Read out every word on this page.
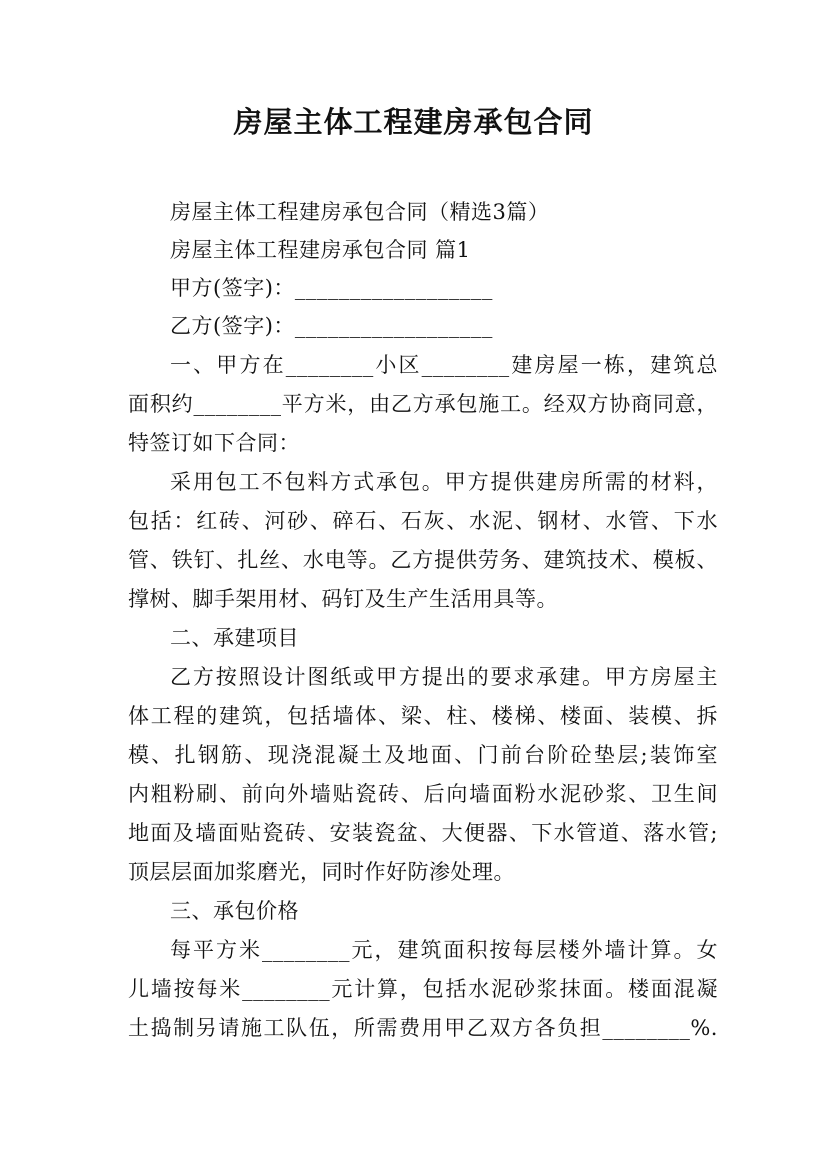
房屋主体工程建房承包合同
房屋主体工程建房承包合同（精选3篇）
房屋主体工程建房承包合同 篇1
甲方(签字)：__________________
乙方(签字)：__________________
一、甲方在________小区________建房屋一栋，建筑总
面积约________平方米，由乙方承包施工。经双方协商同意，
特签订如下合同：
采用包工不包料方式承包。甲方提供建房所需的材料，
包括：红砖、河砂、碎石、石灰、水泥、钢材、水管、下水
管、铁钉、扎丝、水电等。乙方提供劳务、建筑技术、模板、
撑树、脚手架用材、码钉及生产生活用具等。
二、承建项目
乙方按照设计图纸或甲方提出的要求承建。甲方房屋主
体工程的建筑，包括墙体、梁、柱、楼梯、楼面、装模、拆
模、扎钢筋、现浇混凝土及地面、门前台阶砼垫层;装饰室
内粗粉刷、前向外墙贴瓷砖、后向墙面粉水泥砂浆、卫生间
地面及墙面贴瓷砖、安装瓷盆、大便器、下水管道、落水管;
顶层层面加浆磨光，同时作好防渗处理。
三、承包价格
每平方米________元，建筑面积按每层楼外墙计算。女
儿墙按每米________元计算，包括水泥砂浆抹面。楼面混凝
土捣制另请施工队伍，所需费用甲乙双方各负担________%.
